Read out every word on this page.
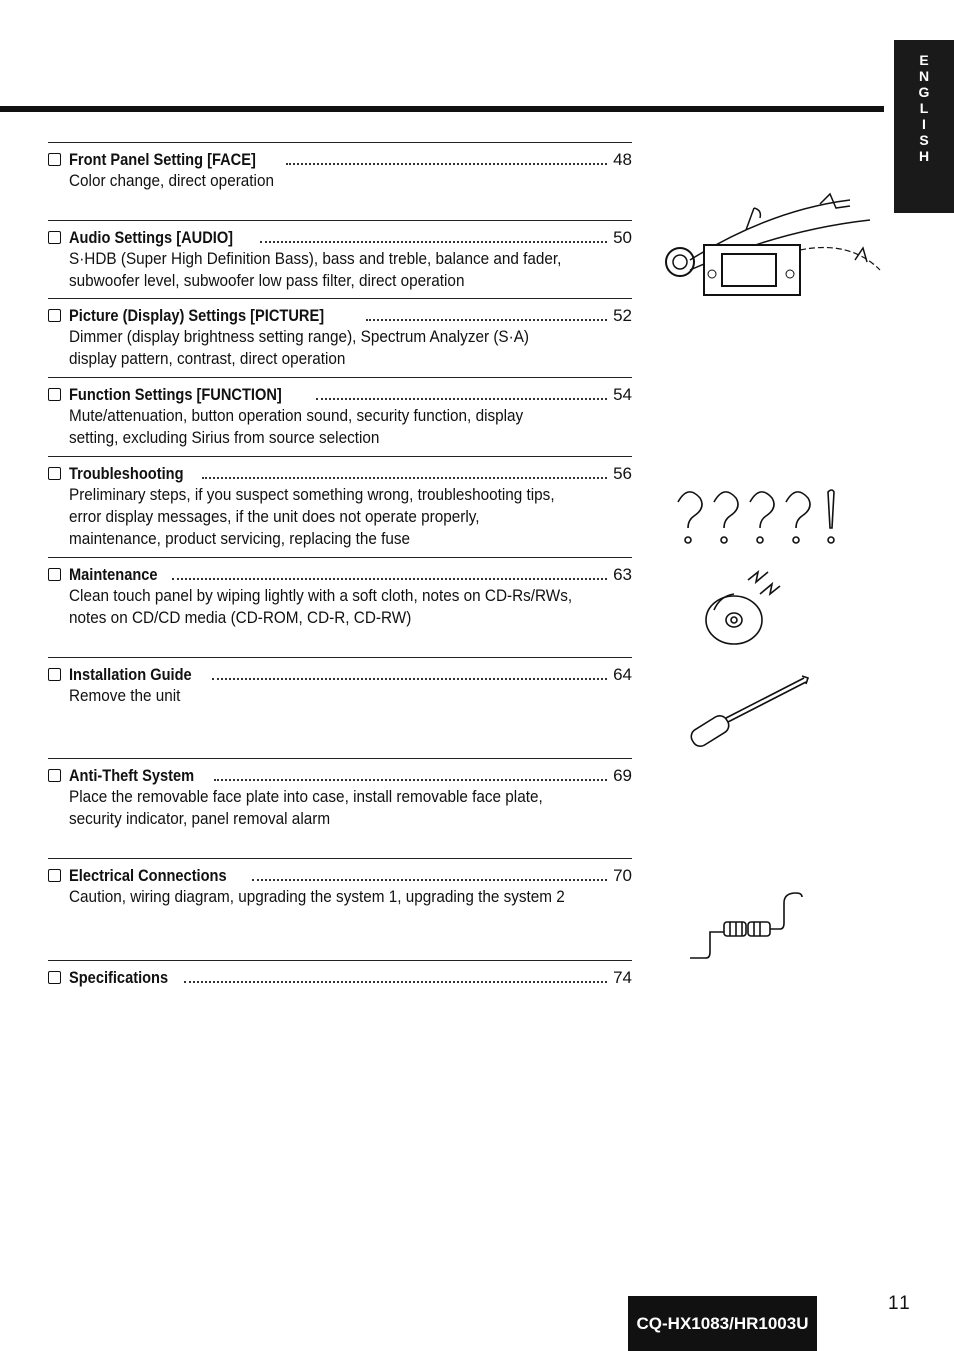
E
N
G
L
I
S
H
Front Panel Setting [FACE]	48
Color change, direct operation
Audio Settings [AUDIO]	50
S·HDB (Super High Definition Bass), bass and treble, balance and fader,
subwoofer level, subwoofer low pass filter, direct operation
Picture (Display) Settings [PICTURE]	52
Dimmer (display brightness setting range), Spectrum Analyzer (S·A)
display pattern, contrast, direct operation
Function Settings [FUNCTION]	54
Mute/attenuation, button operation sound, security function, display
setting, excluding Sirius from source selection
Troubleshooting	56
Preliminary steps, if you suspect something wrong, troubleshooting tips,
error display messages, if the unit does not operate properly,
maintenance, product servicing, replacing the fuse
Maintenance	63
Clean touch panel by wiping lightly with a soft cloth, notes on CD-Rs/RWs,
notes on CD/CD media (CD-ROM, CD-R, CD-RW)
Installation Guide	64
Remove the unit
Anti-Theft System	69
Place the removable face plate into case, install removable face plate,
security indicator, panel removal alarm
Electrical Connections	70
Caution, wiring diagram, upgrading the system 1, upgrading the system 2
Specifications	74
CQ-HX1083/HR1003U
11
